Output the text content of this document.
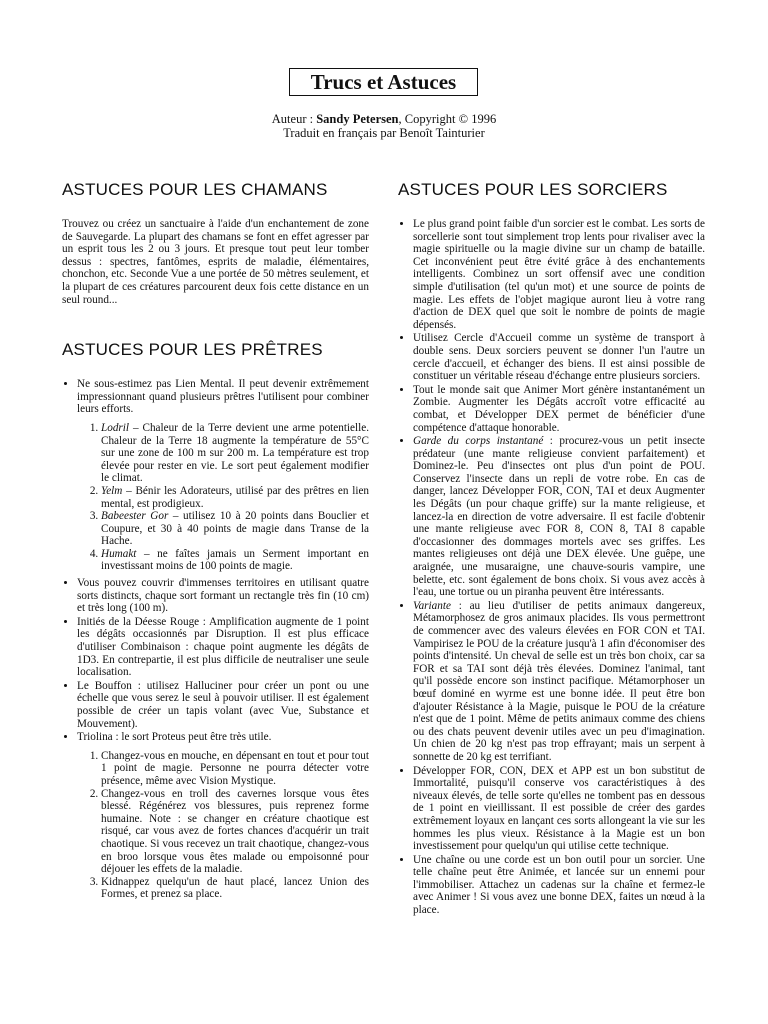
Trucs et Astuces
Auteur : Sandy Petersen, Copyright © 1996
Traduit en français par Benoît Tainturier
ASTUCES POUR LES CHAMANS

Trouvez ou créez un sanctuaire à l'aide d'un enchantement de zone de Sauvegarde. La plupart des chamans se font en effet agresser par un esprit tous les 2 ou 3 jours. Et presque tout peut leur tomber dessus : spectres, fantômes, esprits de maladie, élémentaires, chonchon, etc. Seconde Vue a une portée de 50 mètres seulement, et la plupart de ces créatures parcourent deux fois cette distance en un seul round...

ASTUCES POUR LES PRÊTRES
• Ne sous-estimez pas Lien Mental. Il peut devenir extrêmement impressionnant quand plusieurs prêtres l'utilisent pour combiner leurs efforts.
1. Lodril – Chaleur de la Terre devient une arme potentielle. Chaleur de la Terre 18 augmente la température de 55°C sur une zone de 100 m sur 200 m. La température est trop élevée pour rester en vie. Le sort peut également modifier le climat.
2. Yelm – Bénir les Adorateurs, utilisé par des prêtres en lien mental, est prodigieux.
3. Babeester Gor – utilisez 10 à 20 points dans Bouclier et Coupure, et 30 à 40 points de magie dans Transe de la Hache.
4. Humakt – ne faîtes jamais un Serment important en investissant moins de 100 points de magie.
• Vous pouvez couvrir d'immenses territoires en utilisant quatre sorts distincts, chaque sort formant un rectangle très fin (10 cm) et très long (100 m).
• Initiés de la Déesse Rouge : Amplification augmente de 1 point les dégâts occasionnés par Disruption. Il est plus efficace d'utiliser Combinaison : chaque point augmente les dégâts de 1D3. En contrepartie, il est plus difficile de neutraliser une seule localisation.
• Le Bouffon : utilisez Halluciner pour créer un pont ou une échelle que vous serez le seul à pouvoir utiliser. Il est également possible de créer un tapis volant (avec Vue, Substance et Mouvement).
• Triolina : le sort Proteus peut être très utile.
1. Changez-vous en mouche, en dépensant en tout et pour tout 1 point de magie. Personne ne pourra détecter votre présence, même avec Vision Mystique.
2. Changez-vous en troll des cavernes lorsque vous êtes blessé. Régénérez vos blessures, puis reprenez forme humaine. Note : se changer en créature chaotique est risqué, car vous avez de fortes chances d'acquérir un trait chaotique. Si vous recevez un trait chaotique, changez-vous en broo lorsque vous êtes malade ou empoisonné pour déjouer les effets de la maladie.
3. Kidnappez quelqu'un de haut placé, lancez Union des Formes, et prenez sa place.
ASTUCES POUR LES SORCIERS
• Le plus grand point faible d'un sorcier est le combat. Les sorts de sorcellerie sont tout simplement trop lents pour rivaliser avec la magie spirituelle ou la magie divine sur un champ de bataille. Cet inconvénient peut être évité grâce à des enchantements intelligents. Combinez un sort offensif avec une condition simple d'utilisation (tel qu'un mot) et une source de points de magie. Les effets de l'objet magique auront lieu à votre rang d'action de DEX quel que soit le nombre de points de magie dépensés.
• Utilisez Cercle d'Accueil comme un système de transport à double sens. Deux sorciers peuvent se donner l'un l'autre un cercle d'accueil, et échanger des biens. Il est ainsi possible de constituer un véritable réseau d'échange entre plusieurs sorciers.
• Tout le monde sait que Animer Mort génère instantanément un Zombie. Augmenter les Dégâts accroît votre efficacité au combat, et Développer DEX permet de bénéficier d'une compétence d'attaque honorable.
• Garde du corps instantané : procurez-vous un petit insecte prédateur (une mante religieuse convient parfaitement) et Dominez-le. Peu d'insectes ont plus d'un point de POU. Conservez l'insecte dans un repli de votre robe. En cas de danger, lancez Développer FOR, CON, TAI et deux Augmenter les Dégâts (un pour chaque griffe) sur la mante religieuse, et lancez-la en direction de votre adversaire. Il est facile d'obtenir une mante religieuse avec FOR 8, CON 8, TAI 8 capable d'occasionner des dommages mortels avec ses griffes. Les mantes religieuses ont déjà une DEX élevée. Une guêpe, une araignée, une musaraigne, une chauve-souris vampire, une belette, etc. sont également de bons choix. Si vous avez accès à l'eau, une tortue ou un piranha peuvent être intéressants.
• Variante : au lieu d'utiliser de petits animaux dangereux, Métamorphosez de gros animaux placides. Ils vous permettront de commencer avec des valeurs élevées en FOR CON et TAI. Vampirisez le POU de la créature jusqu'à 1 afin d'économiser des points d'intensité. Un cheval de selle est un très bon choix, car sa FOR et sa TAI sont déjà très élevées. Dominez l'animal, tant qu'il possède encore son instinct pacifique. Métamorphoser un bœuf dominé en wyrme est une bonne idée. Il peut être bon d'ajouter Résistance à la Magie, puisque le POU de la créature n'est que de 1 point. Même de petits animaux comme des chiens ou des chats peuvent devenir utiles avec un peu d'imagination. Un chien de 20 kg n'est pas trop effrayant; mais un serpent à sonnette de 20 kg est terrifiant.
• Développer FOR, CON, DEX et APP est un bon substitut de Immortalité, puisqu'il conserve vos caractéristiques à des niveaux élevés, de telle sorte qu'elles ne tombent pas en dessous de 1 point en vieillissant. Il est possible de créer des gardes extrêmement loyaux en lançant ces sorts allongeant la vie sur les hommes les plus vieux. Résistance à la Magie est un bon investissement pour quelqu'un qui utilise cette technique.
• Une chaîne ou une corde est un bon outil pour un sorcier. Une telle chaîne peut être Animée, et lancée sur un ennemi pour l'immobiliser. Attachez un cadenas sur la chaîne et fermez-le avec Animer ! Si vous avez une bonne DEX, faites un nœud à la place.
